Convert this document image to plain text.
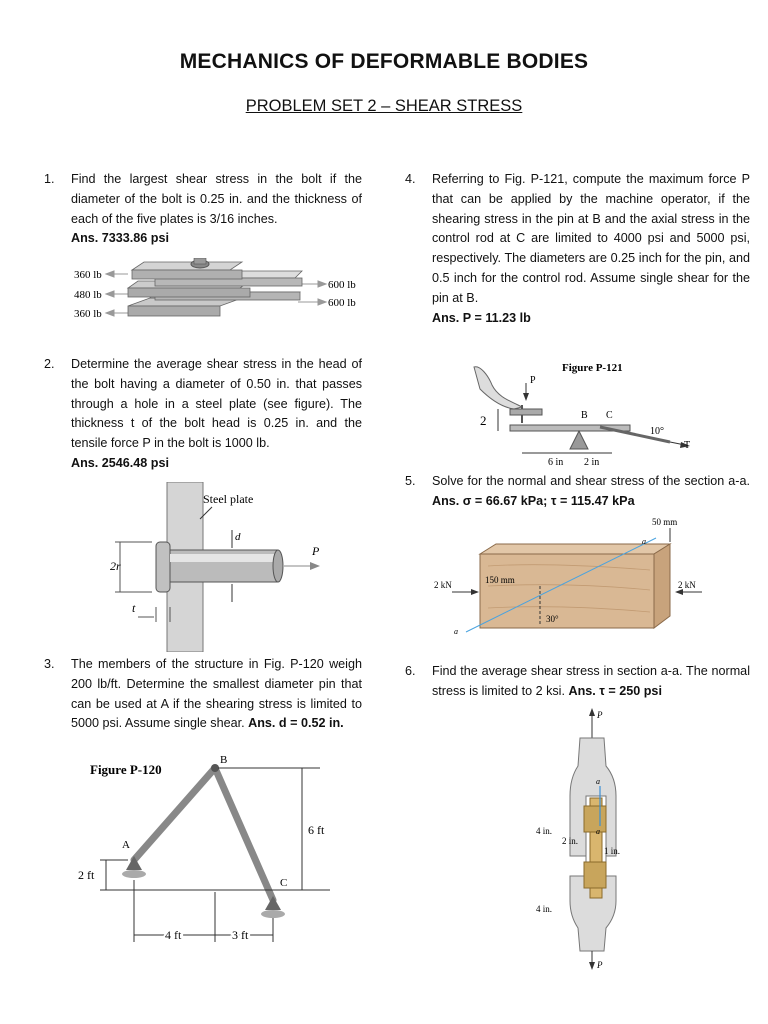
MECHANICS OF DEFORMABLE BODIES
PROBLEM SET 2 – SHEAR STRESS
1. Find the largest shear stress in the bolt if the diameter of the bolt is 0.25 in. and the thickness of each of the five plates is 3/16 inches.
Ans. 7333.86 psi
360 lb
480 lb
360 lb
600 lb
600 lb
2. Determine the average shear stress in the head of the bolt having a diameter of 0.50 in. that passes through a hole in a steel plate (see figure). The thickness t of the bolt head is 0.25 in. and the tensile force P in the bolt is 1000 lb.
Ans. 2546.48 psi
P
Steel plate
d
2r
t
3. The members of the structure in Fig. P-120 weigh 200 lb/ft. Determine the smallest diameter pin that can be used at A if the shearing stress is limited to 5000 psi. Assume single shear. Ans. d = 0.52 in.
Figure P-120
A
B
C
6 ft
2 ft
4 ft	3 ft
4. Referring to Fig. P-121, compute the maximum force P that can be applied by the machine operator, if the shearing stress in the pin at B and the axial stress in the control rod at C are limited to 4000 psi and 5000 psi, respectively. The diameters are 0.25 inch for the pin, and 0.5 inch for the control rod. Assume single shear for the pin at B.
Ans. P = 11.23 lb
Figure P-121
P
B C
10°
T
2
6 in 2 in
5. Solve for the normal and shear stress of the section a-a. Ans. σ = 66.67 kPa; τ = 115.47 kPa
a
a
2 kN	2 kN
150 mm
50 mm
30°
6. Find the average shear stress in section a-a. The normal stress is limited to 2 ksi. Ans. τ = 250 psi
P
a
a
4 in.
2 in.
1 in.
4 in.
P
